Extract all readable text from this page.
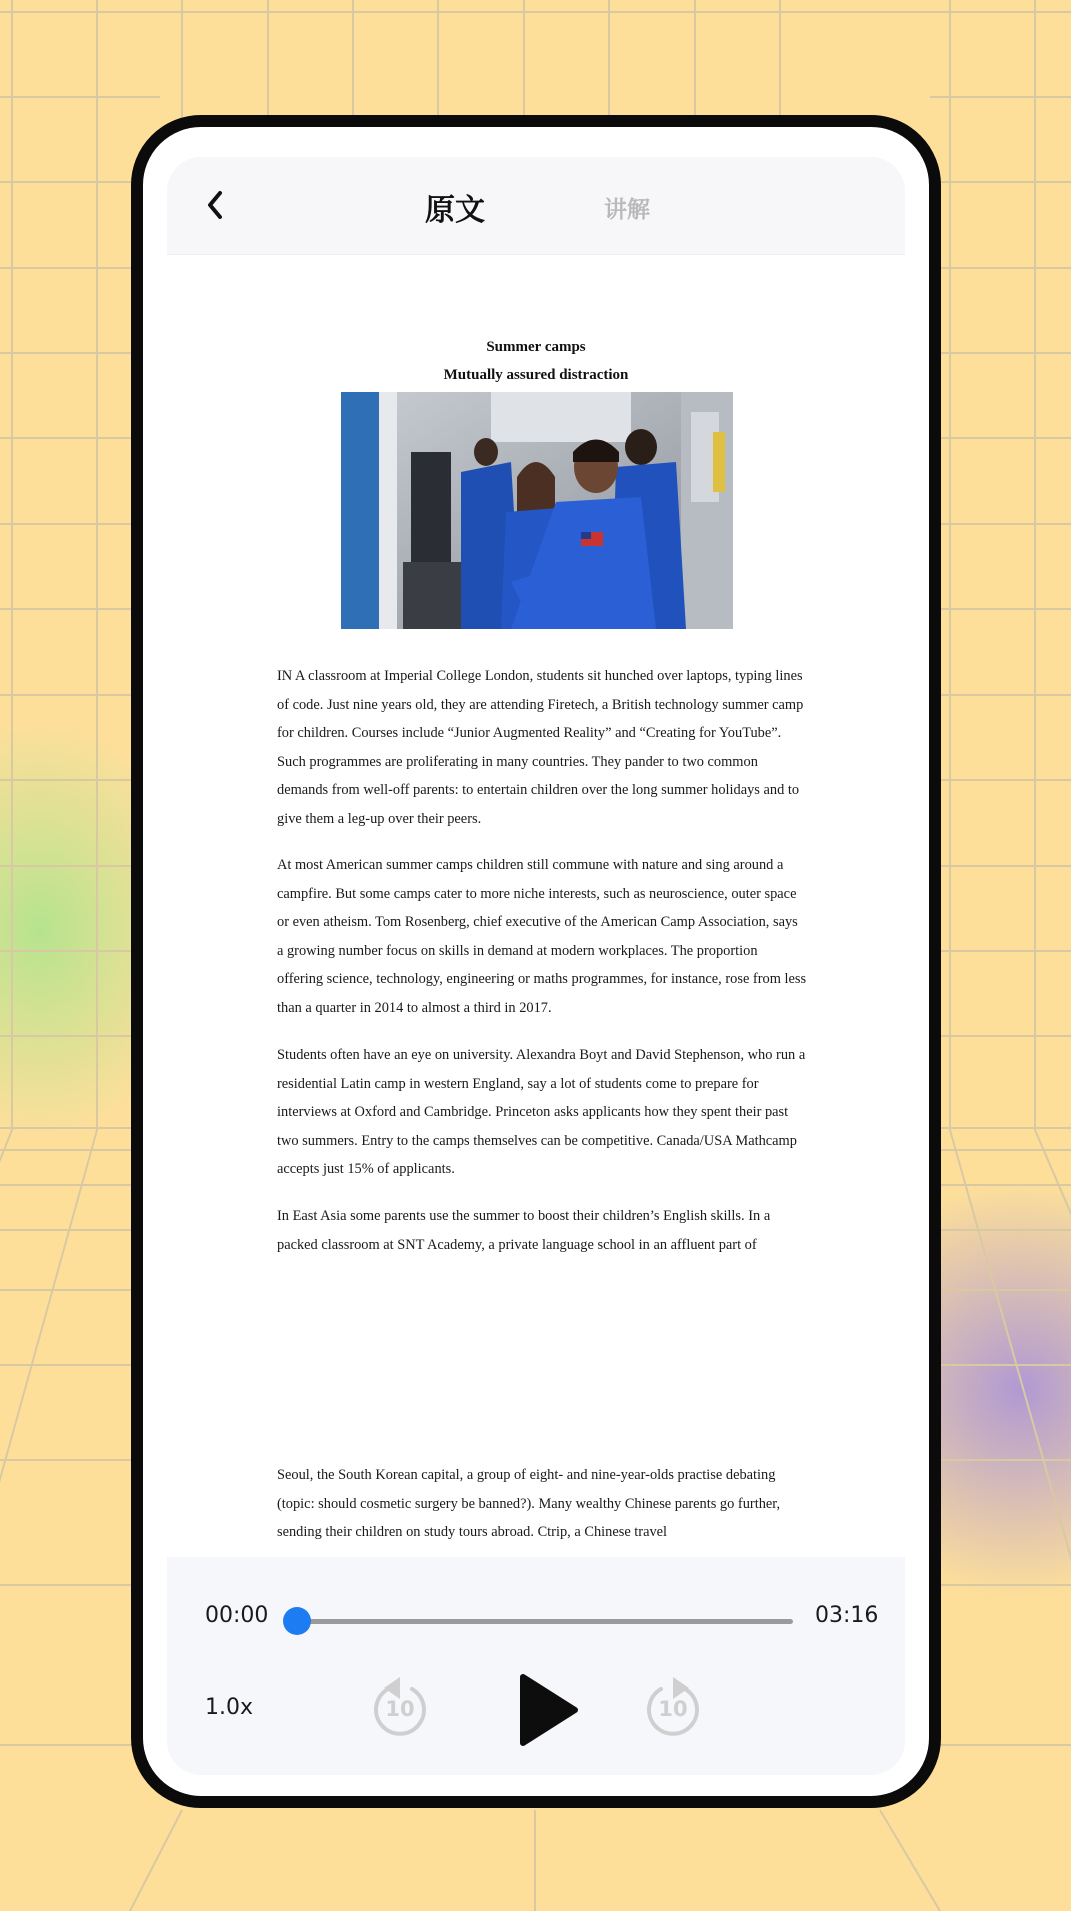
原文	讲解
Summer camps
Mutually assured distraction

IN A classroom at Imperial College London, students sit hunched over laptops, typing lines of code. Just nine years old, they are attending Firetech, a British technology summer camp for children. Courses include “Junior Augmented Reality” and “Creating for YouTube”. Such programmes are proliferating in many countries. They pander to two common demands from well-off parents: to entertain children over the long summer holidays and to give them a leg-up over their peers.

At most American summer camps children still commune with nature and sing around a campfire. But some camps cater to more niche interests, such as neuroscience, outer space or even atheism. Tom Rosenberg, chief executive of the American Camp Association, says a growing number focus on skills in demand at modern workplaces. The proportion offering science, technology, engineering or maths programmes, for instance, rose from less than a quarter in 2014 to almost a third in 2017.

Students often have an eye on university. Alexandra Boyt and David Stephenson, who run a residential Latin camp in western England, say a lot of students come to prepare for interviews at Oxford and Cambridge. Princeton asks applicants how they spent their past two summers. Entry to the camps themselves can be competitive. Canada/USA Mathcamp accepts just 15% of applicants.

In East Asia some parents use the summer to boost their children’s English skills. In a packed classroom at SNT Academy, a private language school in an affluent part of

Seoul, the South Korean capital, a group of eight- and nine-year-olds practise debating (topic: should cosmetic surgery be banned?). Many wealthy Chinese parents go further, sending their children on study tours abroad. Ctrip, a Chinese travel

00:00	03:16
1.0x	10	10
